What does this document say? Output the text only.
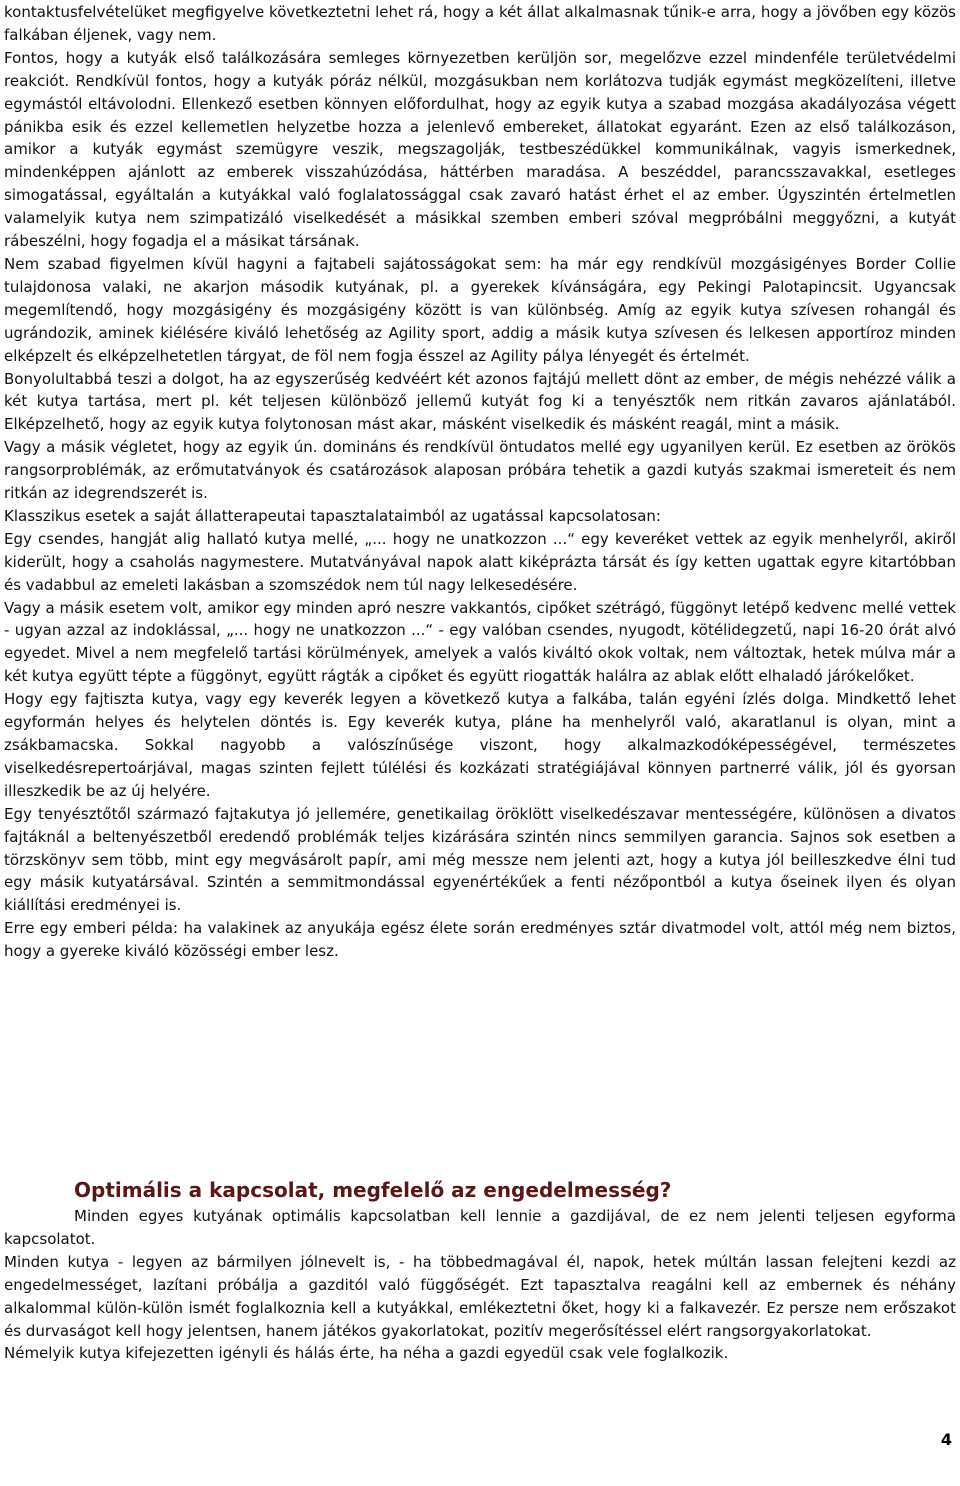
kontaktusfelvételüket megfigyelve következtetni lehet rá, hogy a két állat alkalmasnak tűnik-e arra, hogy a jövőben egy közös falkában éljenek, vagy nem.

Fontos, hogy a kutyák első találkozására semleges környezetben kerüljön sor, megelőzve ezzel mindenféle területvédelmi reakciót. Rendkívül fontos, hogy a kutyák póráz nélkül, mozgásukban nem korlátozva tudják egymást megközelíteni, illetve egymástól eltávolodni. Ellenkező esetben könnyen előfordulhat, hogy az egyik kutya a szabad mozgása akadályozása végett pánikba esik és ezzel kellemetlen helyzetbe hozza a jelenlevő embereket, állatokat egyaránt. Ezen az első találkozáson, amikor a kutyák egymást szemügyre veszik, megszagolják, testbeszédükkel kommunikálnak, vagyis ismerkednek, mindenképpen ajánlott az emberek visszahúzódása, háttérben maradása. A beszéddel, parancsszavakkal, esetleges simogatással, egyáltalán a kutyákkal való foglalatossággal csak zavaró hatást érhet el az ember. Úgyszintén értelmetlen valamelyik kutya nem szimpatizáló viselkedését a másikkal szemben emberi szóval megpróbálni meggyőzni, a kutyát rábeszélni, hogy fogadja el a másikat társának.

Nem szabad figyelmen kívül hagyni a fajtabeli sajátosságokat sem: ha már egy rendkívül mozgásigényes Border Collie tulajdonosa valaki, ne akarjon második kutyának, pl. a gyerekek kívánságára, egy Pekingi Palotapincsit. Ugyancsak megemlítendő, hogy mozgásigény és mozgásigény között is van különbség. Amíg az egyik kutya szívesen rohangál és ugrándozik, aminek kiélésére kiváló lehetőség az Agility sport, addig a másik kutya szívesen és lelkesen apportíroz minden elképzelt és elképzelhetetlen tárgyat, de föl nem fogja ésszel az Agility pálya lényegét és értelmét.

Bonyolultabbá teszi a dolgot, ha az egyszerűség kedvéért két azonos fajtájú mellett dönt az ember, de mégis nehézzé válik a két kutya tartása, mert pl. két teljesen különböző jellemű kutyát fog ki a tenyésztők nem ritkán zavaros ajánlatából. Elképzelhető, hogy az egyik kutya folytonosan mást akar, másként viselkedik és másként reagál, mint a másik.

Vagy a másik végletet, hogy az egyik ún. domináns és rendkívül öntudatos mellé egy ugyanilyen kerül. Ez esetben az örökös rangsorproblémák, az erőmutatványok és csatározások alaposan próbára tehetik a gazdi kutyás szakmai ismereteit és nem ritkán az idegrendszerét is.

Klasszikus esetek a saját állatterapeutai tapasztalataimból az ugatással kapcsolatosan:

Egy csendes, hangját alig hallató kutya mellé, „... hogy ne unatkozzon ...“ egy keveréket vettek az egyik menhelyről, akiről kiderült, hogy a csaholás nagymestere. Mutatványával napok alatt kiképrázta társát és így ketten ugattak egyre kitartóbban és vadabbul az emeleti lakásban a szomszédok nem túl nagy lelkesedésére.

Vagy a másik esetem volt, amikor egy minden apró neszre vakkantós, cipőket szétrágó, függönyt letépő kedvenc mellé vettek - ugyan azzal az indoklással, „... hogy ne unatkozzon ...“ - egy valóban csendes, nyugodt, kötélidegzetű, napi 16-20 órát alvó egyedet. Mivel a nem megfelelő tartási körülmények, amelyek a valós kiváltó okok voltak, nem változtak, hetek múlva már a két kutya együtt tépte a függönyt, együtt rágták a cipőket és együtt riogatták halálra az ablak előtt elhaladó járókelőket.

Hogy egy fajtiszta kutya, vagy egy keverék legyen a következő kutya a falkába, talán egyéni ízlés dolga. Mindkettő lehet egyformán helyes és helytelen döntés is. Egy keverék kutya, pláne ha menhelyről való, akaratlanul is olyan, mint a zsákbamacska. Sokkal nagyobb a valószínűsége viszont, hogy alkalmazkodóképességével, természetes viselkedésrepertoárjával, magas szinten fejlett túlélési és kozkázati stratégiájával könnyen partnerré válik, jól és gyorsan illeszkedik be az új helyére.

Egy tenyésztőtől származó fajtakutya jó jellemére, genetikailag öröklött viselkedészavar mentességére, különösen a divatos fajtáknál a beltenyészetből eredendő problémák teljes kizárására szintén nincs semmilyen garancia. Sajnos sok esetben a törzskönyv sem több, mint egy megvásárolt papír, ami még messze nem jelenti azt, hogy a kutya jól beilleszkedve élni tud egy másik kutyatársával. Szintén a semmitmondással egyenértékűek a fenti nézőpontból a kutya őseinek ilyen és olyan kiállítási eredményei is.

Erre egy emberi példa: ha valakinek az anyukája egész élete során eredményes sztár divatmodel volt, attól még nem biztos, hogy a gyereke kiváló közösségi ember lesz.

Optimális a kapcsolat, megfelelő az engedelmesség?

Minden egyes kutyának optimális kapcsolatban kell lennie a gazdijával, de ez nem jelenti teljesen egyforma kapcsolatot.

Minden kutya - legyen az bármilyen jólnevelt is, - ha többedmagával él, napok, hetek múltán lassan felejteni kezdi az engedelmességet, lazítani próbálja a gazditól való függőségét. Ezt tapasztalva reagálni kell az embernek és néhány alkalommal külön-külön ismét foglalkoznia kell a kutyákkal, emlékeztetni őket, hogy ki a falkavezér. Ez persze nem erőszakot és durvaságot kell hogy jelentsen, hanem játékos gyakorlatokat, pozitív megerősítéssel elért rangsorgyakorlatokat.

Némelyik kutya kifejezetten igényli és hálás érte, ha néha a gazdi egyedül csak vele foglalkozik.

4
